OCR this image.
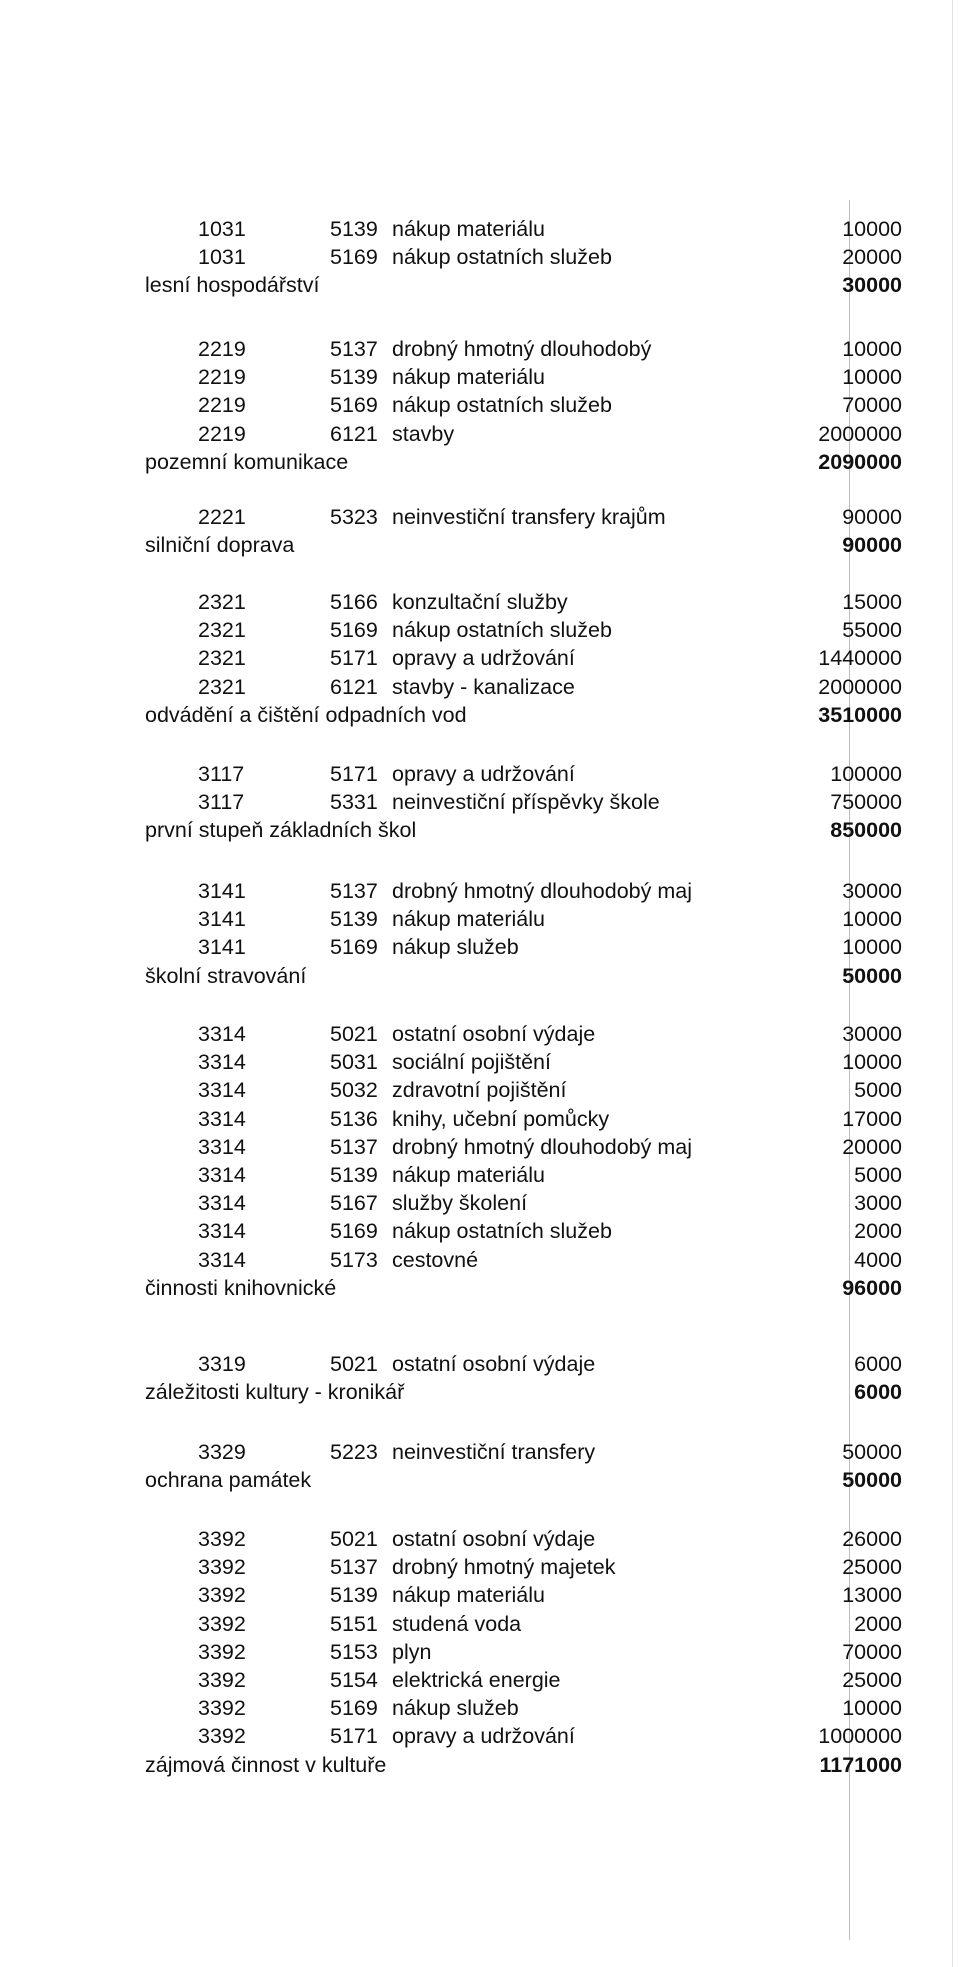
1031	5139 nákup materiálu	10000
1031	5169 nákup ostatních služeb	20000
lesní hospodářství	30000
2219	5137 drobný hmotný dlouhodobý	10000
2219	5139 nákup materiálu	10000
2219	5169 nákup ostatních služeb	70000
2219	6121 stavby	2000000
pozemní komunikace	2090000
2221	5323 neinvestiční transfery krajům	90000
silniční doprava	90000
2321	5166 konzultační služby	15000
2321	5169 nákup ostatních služeb	55000
2321	5171 opravy a udržování	1440000
2321	6121 stavby - kanalizace	2000000
odvádění a čištění odpadních vod	3510000
3117	5171 opravy a udržování	100000
3117	5331 neinvestiční příspěvky škole	750000
první stupeň základních škol	850000
3141	5137 drobný hmotný dlouhodobý maj	30000
3141	5139 nákup materiálu	10000
3141	5169 nákup služeb	10000
školní stravování	50000
3314	5021 ostatní osobní výdaje	30000
3314	5031 sociální pojištění	10000
3314	5032 zdravotní pojištění	5000
3314	5136 knihy, učební pomůcky	17000
3314	5137 drobný hmotný dlouhodobý maj	20000
3314	5139 nákup materiálu	5000
3314	5167 služby školení	3000
3314	5169 nákup ostatních služeb	2000
3314	5173 cestovné	4000
činnosti knihovnické	96000
3319	5021 ostatní osobní výdaje	6000
záležitosti kultury - kronikář	6000
3329	5223 neinvestiční transfery	50000
ochrana památek	50000
3392	5021 ostatní osobní výdaje	26000
3392	5137 drobný hmotný majetek	25000
3392	5139 nákup materiálu	13000
3392	5151 studená voda	2000
3392	5153 plyn	70000
3392	5154 elektrická energie	25000
3392	5169 nákup služeb	10000
3392	5171 opravy a udržování	1000000
zájmová činnost v kultuře	1171000
